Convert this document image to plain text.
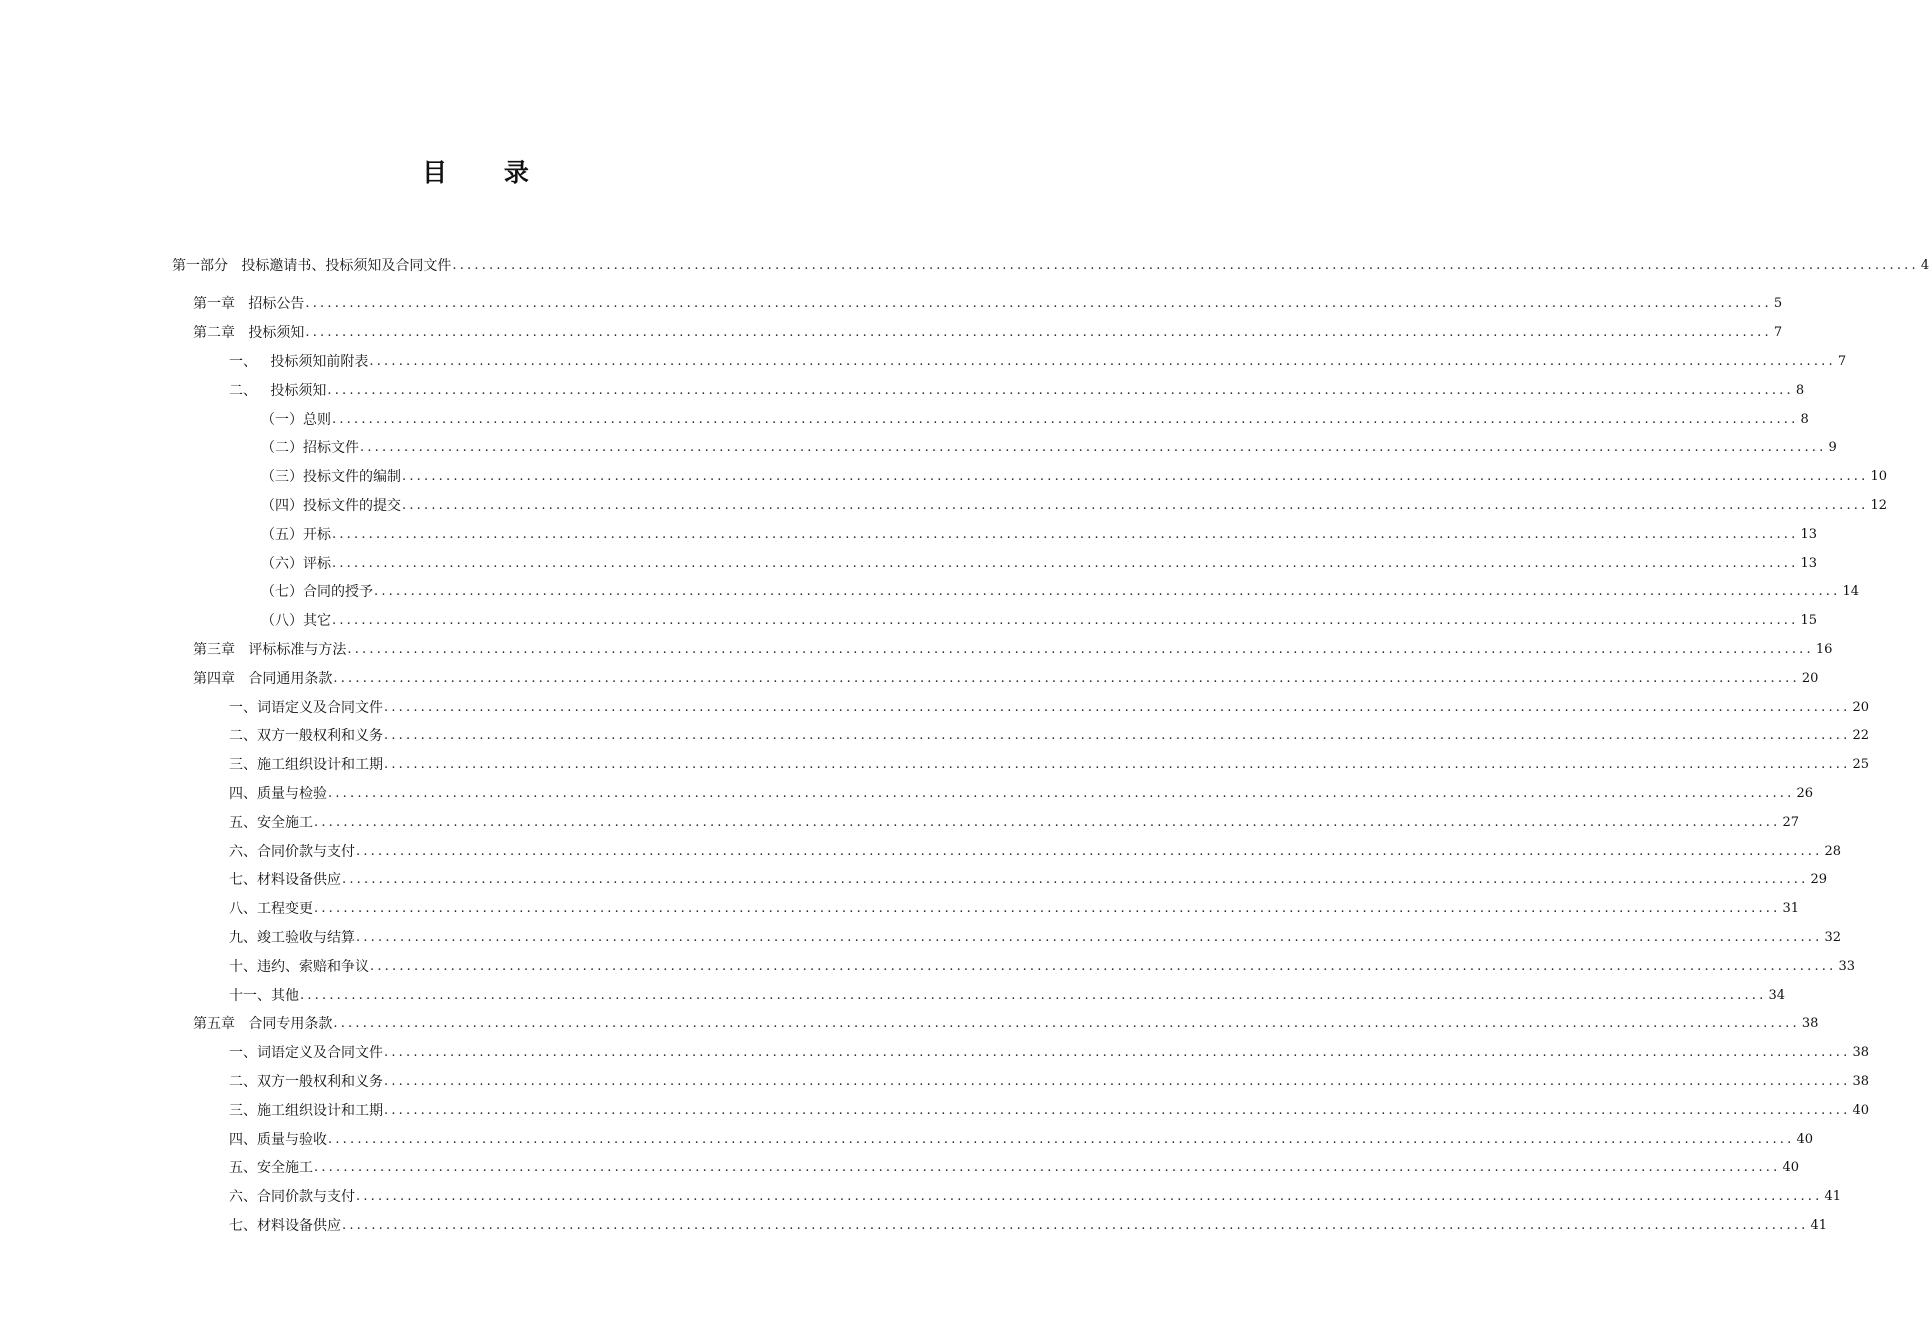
目 录
第一部分   投标邀请书、投标须知及合同文件 ........................................................................................................................................................................................................ 4
第一章   招标公告 ........................................................................................................................................................................................................ 5
第二章   投标须知 ........................................................................................................................................................................................................ 7
一、   投标须知前附表 ........................................................................................................................................................................................................ 7
二、   投标须知 ........................................................................................................................................................................................................ 8
（一）总则 ........................................................................................................................................................................................................ 8
（二）招标文件 ........................................................................................................................................................................................................ 9
（三）投标文件的编制 ........................................................................................................................................................................................................ 10
（四）投标文件的提交 ........................................................................................................................................................................................................ 12
（五）开标 ........................................................................................................................................................................................................ 13
（六）评标 ........................................................................................................................................................................................................ 13
（七）合同的授予 ........................................................................................................................................................................................................ 14
（八）其它 ........................................................................................................................................................................................................ 15
第三章   评标标准与方法 ........................................................................................................................................................................................................ 16
第四章   合同通用条款 ........................................................................................................................................................................................................ 20
一、词语定义及合同文件 ........................................................................................................................................................................................................ 20
二、双方一般权利和义务 ........................................................................................................................................................................................................ 22
三、施工组织设计和工期 ........................................................................................................................................................................................................ 25
四、质量与检验 ........................................................................................................................................................................................................ 26
五、安全施工 ........................................................................................................................................................................................................ 27
六、合同价款与支付 ........................................................................................................................................................................................................ 28
七、材料设备供应 ........................................................................................................................................................................................................ 29
八、工程变更 ........................................................................................................................................................................................................ 31
九、竣工验收与结算 ........................................................................................................................................................................................................ 32
十、违约、索赔和争议 ........................................................................................................................................................................................................ 33
十一、其他 ........................................................................................................................................................................................................ 34
第五章   合同专用条款 ........................................................................................................................................................................................................ 38
一、词语定义及合同文件 ........................................................................................................................................................................................................ 38
二、双方一般权利和义务 ........................................................................................................................................................................................................ 38
三、施工组织设计和工期 ........................................................................................................................................................................................................ 40
四、质量与验收 ........................................................................................................................................................................................................ 40
五、安全施工 ........................................................................................................................................................................................................ 40
六、合同价款与支付 ........................................................................................................................................................................................................ 41
七、材料设备供应 ........................................................................................................................................................................................................ 41
